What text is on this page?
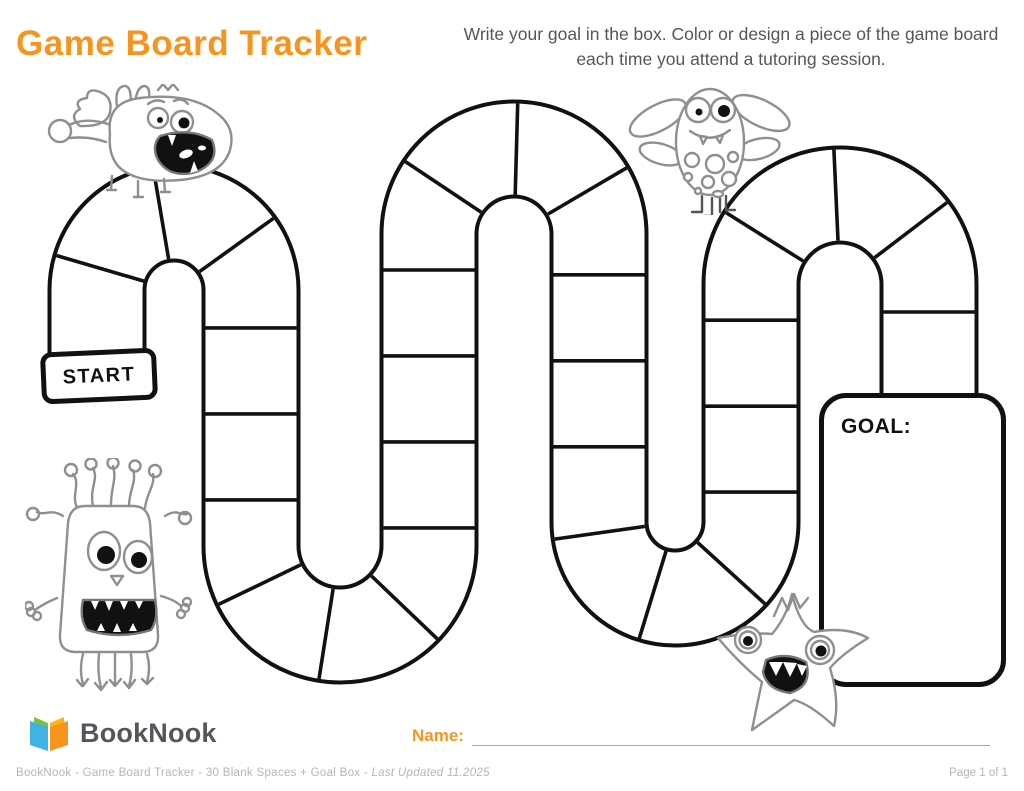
Game Board Tracker	Write your goal in the box. Color or design a piece of the game board each time you attend a tutoring session.

START
GOAL:
BookNook	Name:
BookNook - Game Board Tracker - 30 Blank Spaces + Goal Box - Last Updated 11.2025	Page 1 of 1
